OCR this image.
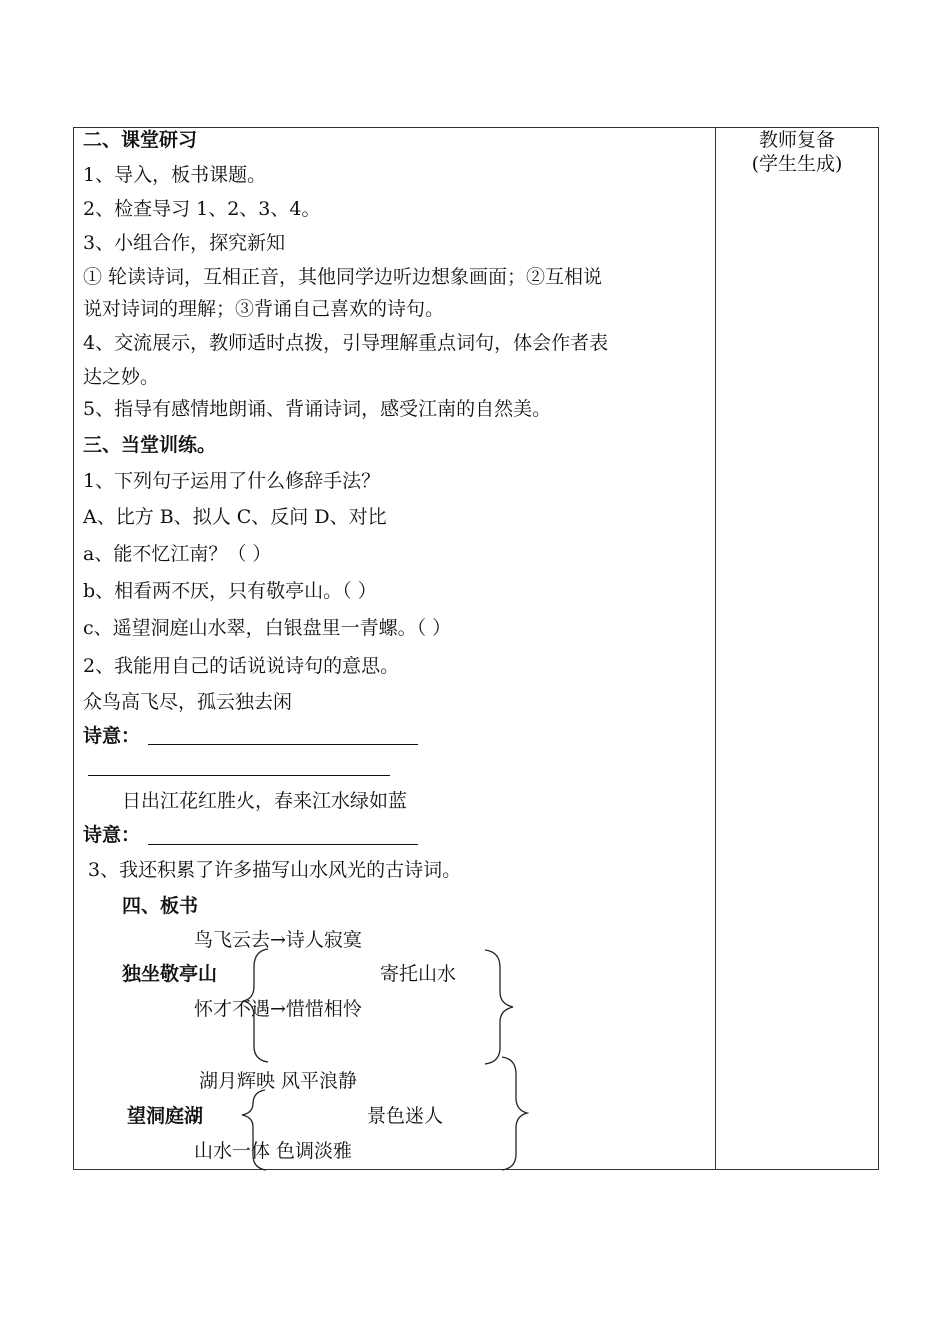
教师复备
(学生生成)
二、课堂研习
1、导入，板书课题。
2、检查导习 1、2、3、4。
3、小组合作，探究新知
① 轮读诗词，互相正音，其他同学边听边想象画面；②互相说
说对诗词的理解；③背诵自己喜欢的诗句。
4、交流展示，教师适时点拨，引导理解重点词句，体会作者表
达之妙。
5、指导有感情地朗诵、背诵诗词，感受江南的自然美。
三、当堂训练。
1、下列句子运用了什么修辞手法？
A、比方 B、拟人 C、反问 D、对比
a、能不忆江南？（ ）
b、相看两不厌，只有敬亭山。（ ）
c、遥望洞庭山水翠，白银盘里一青螺。（ ）
2、我能用自己的话说说诗句的意思。
众鸟高飞尽，孤云独去闲
诗意：
日出江花红胜火，春来江水绿如蓝
诗意：
3、我还积累了许多描写山水风光的古诗词。
四、板书
鸟飞云去→诗人寂寞
独坐敬亭山	寄托山水
怀才不遇→惜惜相怜
湖月辉映 风平浪静
望洞庭湖	景色迷人
山水一体 色调淡雅
